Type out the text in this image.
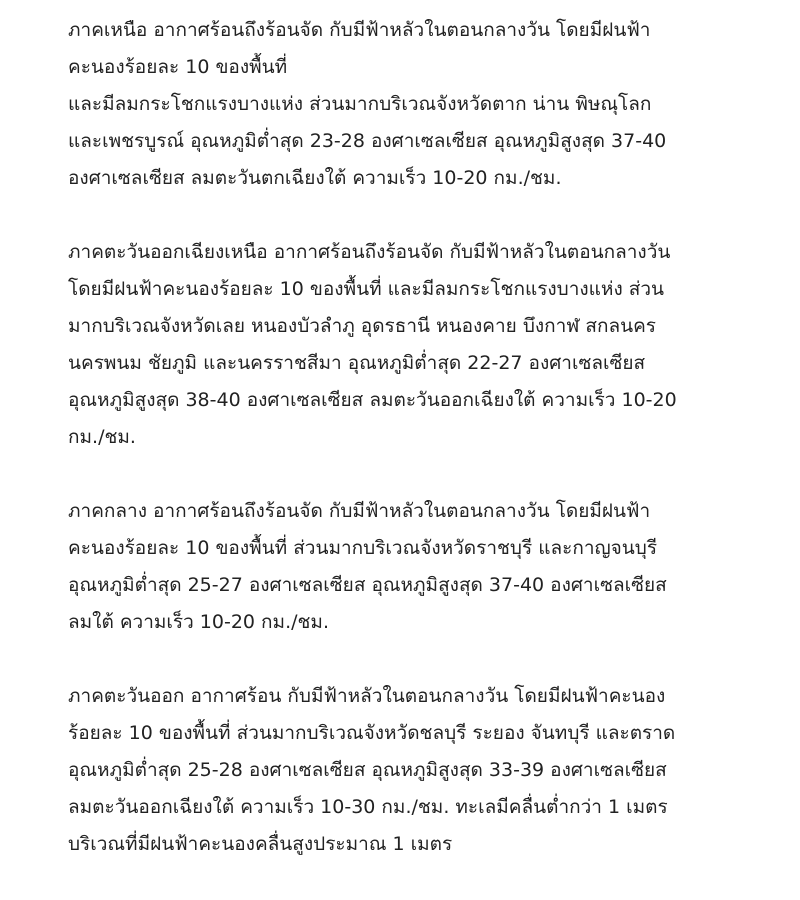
ภาคเหนือ อากาศร้อนถึงร้อนจัด กับมีฟ้าหลัวในตอนกลางวัน โดยมีฝนฟ้า
คะนองร้อยละ 10 ของพื้นที่
และมีลมกระโชกแรงบางแห่ง ส่วนมากบริเวณจังหวัดตาก น่าน พิษณุโลก
และเพชรบูรณ์ อุณหภูมิต่ำสุด 23-28 องศาเซลเซียส อุณหภูมิสูงสุด 37-40
องศาเซลเซียส ลมตะวันตกเฉียงใต้ ความเร็ว 10-20 กม./ชม.
ภาคตะวันออกเฉียงเหนือ อากาศร้อนถึงร้อนจัด กับมีฟ้าหลัวในตอนกลางวัน
โดยมีฝนฟ้าคะนองร้อยละ 10 ของพื้นที่ และมีลมกระโชกแรงบางแห่ง ส่วน
มากบริเวณจังหวัดเลย หนองบัวลำภู อุดรธานี หนองคาย บึงกาฬ สกลนคร
นครพนม ชัยภูมิ และนครราชสีมา อุณหภูมิต่ำสุด 22-27 องศาเซลเซียส
อุณหภูมิสูงสุด 38-40 องศาเซลเซียส ลมตะวันออกเฉียงใต้ ความเร็ว 10-20
กม./ชม.
ภาคกลาง อากาศร้อนถึงร้อนจัด กับมีฟ้าหลัวในตอนกลางวัน โดยมีฝนฟ้า
คะนองร้อยละ 10 ของพื้นที่ ส่วนมากบริเวณจังหวัดราชบุรี และกาญจนบุรี
อุณหภูมิต่ำสุด 25-27 องศาเซลเซียส อุณหภูมิสูงสุด 37-40 องศาเซลเซียส
ลมใต้ ความเร็ว 10-20 กม./ชม.
ภาคตะวันออก อากาศร้อน กับมีฟ้าหลัวในตอนกลางวัน โดยมีฝนฟ้าคะนอง
ร้อยละ 10 ของพื้นที่ ส่วนมากบริเวณจังหวัดชลบุรี ระยอง จันทบุรี และตราด
อุณหภูมิต่ำสุด 25-28 องศาเซลเซียส อุณหภูมิสูงสุด 33-39 องศาเซลเซียส
ลมตะวันออกเฉียงใต้ ความเร็ว 10-30 กม./ชม. ทะเลมีคลื่นต่ำกว่า 1 เมตร
บริเวณที่มีฝนฟ้าคะนองคลื่นสูงประมาณ 1 เมตร
